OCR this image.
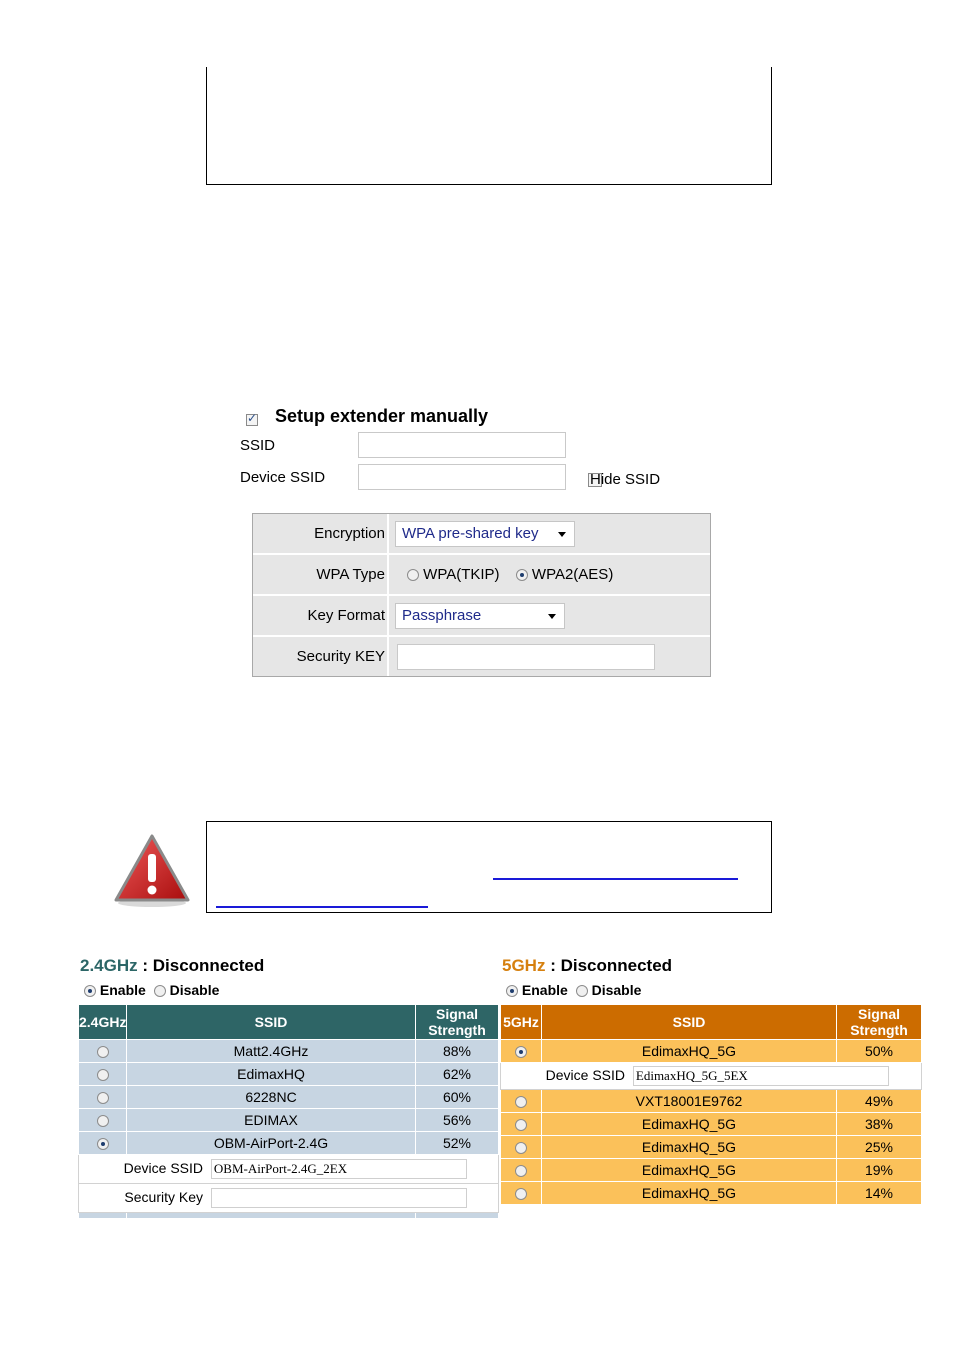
✓
Setup extender manually
SSID
Device SSID	Hide SSID
Encryption	WPA pre-shared key
WPA Type	WPA(TKIP) WPA2(AES)
Key Format	Passphrase
Security KEY
2.4GHz : Disconnected
Enable Disable
2.4GHz	SSID	Signal Strength
	Matt2.4GHz	88%
	EdimaxHQ	62%
	6228NC	60%
	EDIMAX	56%
	OBM-AirPort-2.4G	52%
Device SSID OBM-AirPort-2.4G_2EX		
Security Key		

5GHz : Disconnected
Enable Disable
5GHz	SSID	Signal Strength
	EdimaxHQ_5G	50%
Device SSID EdimaxHQ_5G_5EX		
	VXT18001E9762	49%
	EdimaxHQ_5G	38%
	EdimaxHQ_5G	25%
	EdimaxHQ_5G	19%
	EdimaxHQ_5G	14%
